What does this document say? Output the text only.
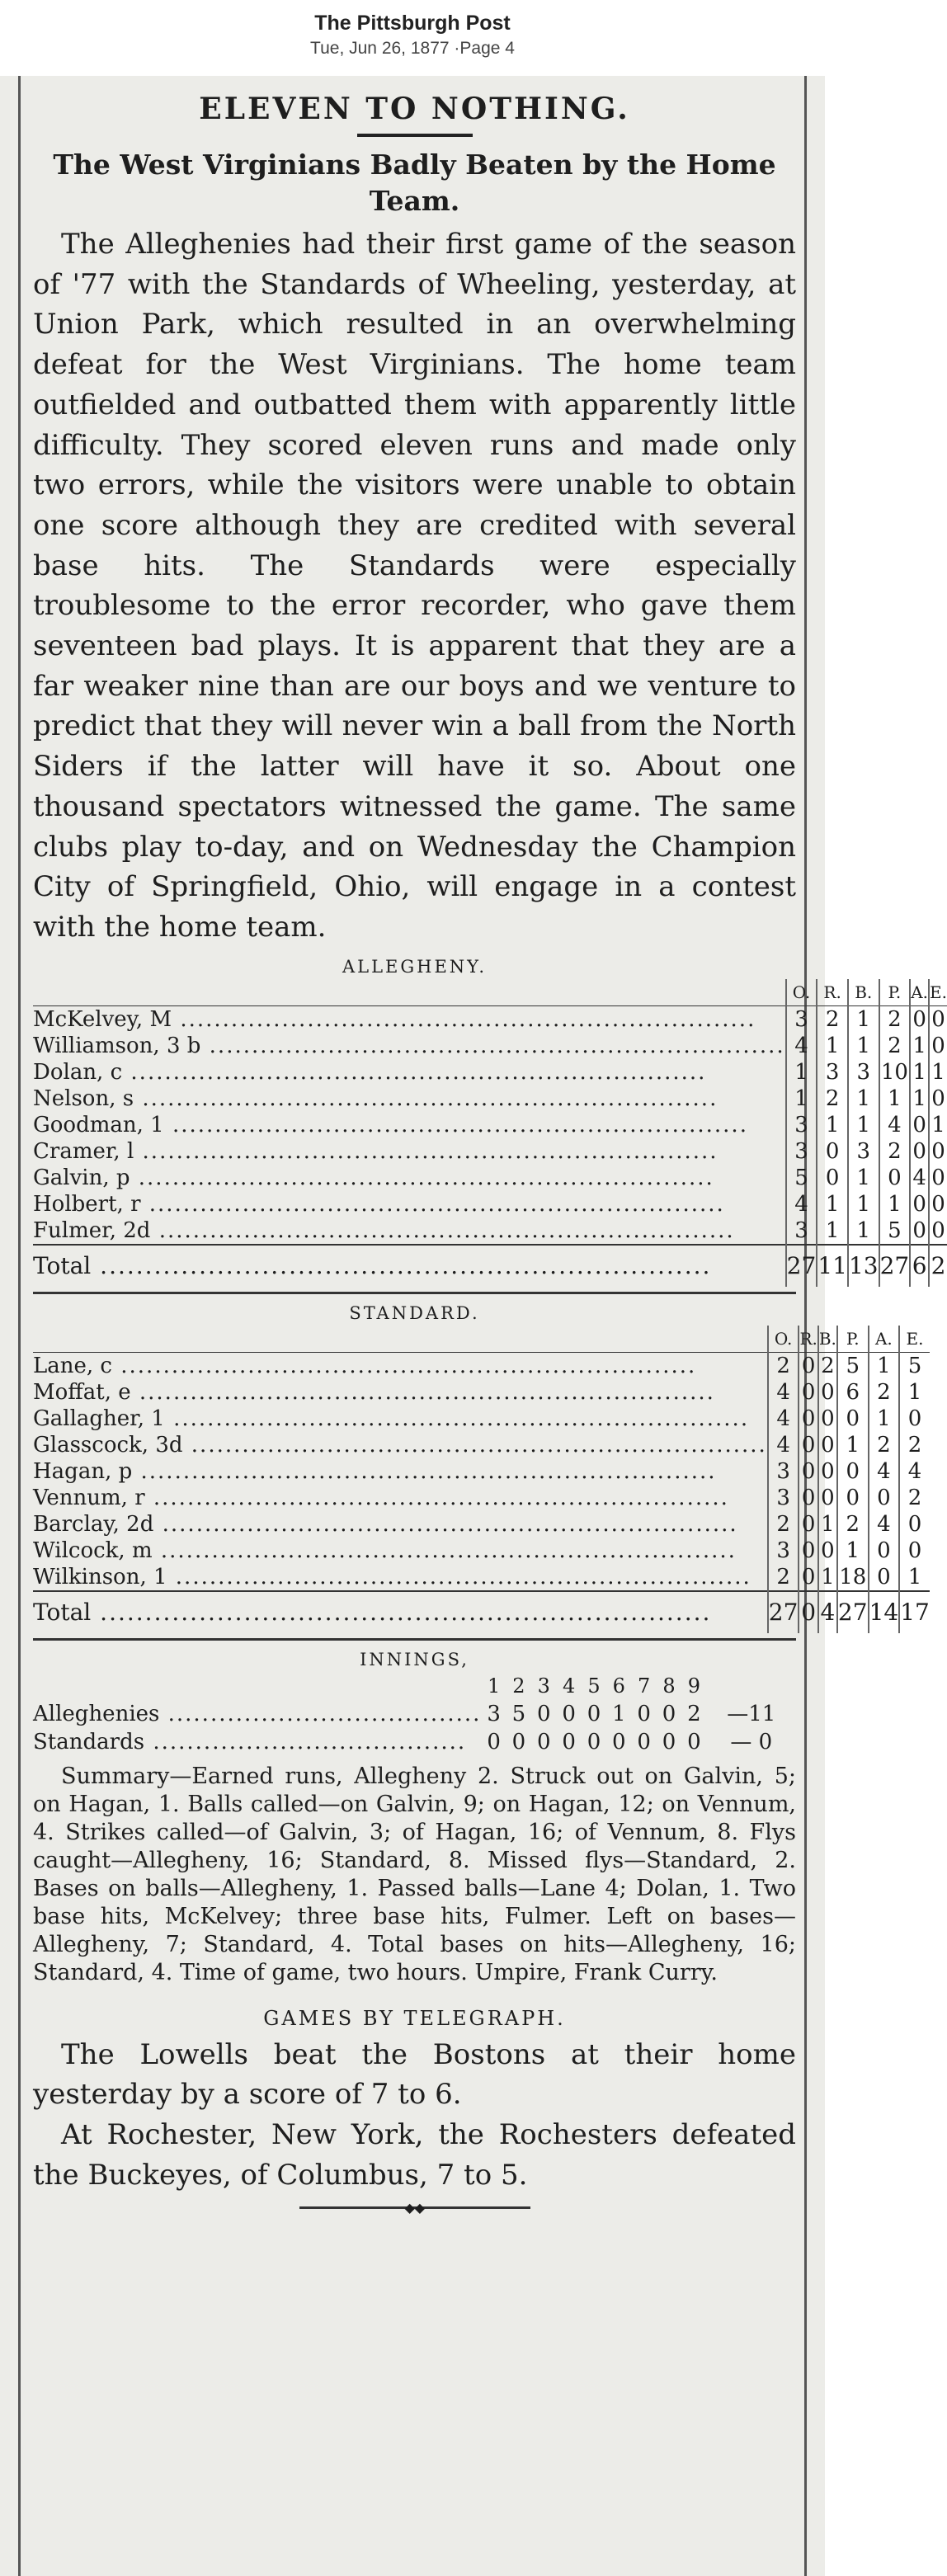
The Pittsburgh Post
Tue, Jun 26, 1877 ·Page 4
ELEVEN TO NOTHING.
The West Virginians Badly Beaten by the Home Team.

The Alleghenies had their first game of the season of '77 with the Standards of Wheeling, yesterday, at Union Park, which resulted in an overwhelming defeat for the West Virginians. The home team outfielded and outbatted them with apparently little difficulty. They scored eleven runs and made only two errors, while the visitors were unable to obtain one score although they are credited with several base hits. The Standards were especially troublesome to the error recorder, who gave them seventeen bad plays. It is apparent that they are a far weaker nine than are our boys and we venture to predict that they will never win a ball from the North Siders if the latter will have it so. About one thousand spectators witnessed the game. The same clubs play to-day, and on Wednesday the Champion City of Springfield, Ohio, will engage in a contest with the home team.

ALLEGHENY.
	O.	R.	B.	P.	A.	E.
McKelvey, M .....	3	2	1	2	0	0
Williamson, 3 b .....	4	1	1	2	1	0
Dolan, c .....	1	3	3	10	1	1
Nelson, s .....	1	2	1	1	1	0
Goodman, 1 .....	3	1	1	4	0	1
Cramer, l .....	3	0	3	2	0	0
Galvin, p .....	5	0	1	0	4	0
Holbert, r .....	4	1	1	1	0	0
Fulmer, 2d .....	3	1	1	5	0	0
Total .....	27	11	13	27	6	2
STANDARD.
	O.	R.	B.	P.	A.	E.
Lane, c .....	2	0	2	5	1	5
Moffat, e .....	4	0	0	6	2	1
Gallagher, 1 .....	4	0	0	0	1	0
Glasscock, 3d .....	4	0	0	1	2	2
Hagan, p .....	3	0	0	0	4	4
Vennum, r .....	3	0	0	0	0	2
Barclay, 2d .....	2	0	1	2	4	0
Wilcock, m .....	3	0	0	1	0	0
Wilkinson, 1 .....	2	0	1	18	0	1
Total .....	27	0	4	27	14	17
INNINGS,
	1	2	3	4	5	6	7	8	9	
Alleghenies .....	3	5	0	0	0	1	0	0	2	—11
Standards .....	0	0	0	0	0	0	0	0	0	— 0

Summary—Earned runs, Allegheny 2. Struck out on Galvin, 5; on Hagan, 1. Balls called—on Galvin, 9; on Hagan, 12; on Vennum, 4. Strikes called—of Galvin, 3; of Hagan, 16; of Vennum, 8. Flys caught—Allegheny, 16; Standard, 8. Missed flys—Standard, 2. Bases on balls—Allegheny, 1. Passed balls—Lane 4; Dolan, 1. Two base hits, McKelvey; three base hits, Fulmer. Left on bases—Allegheny, 7; Standard, 4. Total bases on hits—Allegheny, 16; Standard, 4. Time of game, two hours. Umpire, Frank Curry.

GAMES BY TELEGRAPH.

The Lowells beat the Bostons at their home yesterday by a score of 7 to 6.

At Rochester, New York, the Rochesters defeated the Buckeyes, of Columbus, 7 to 5.

◆◆
